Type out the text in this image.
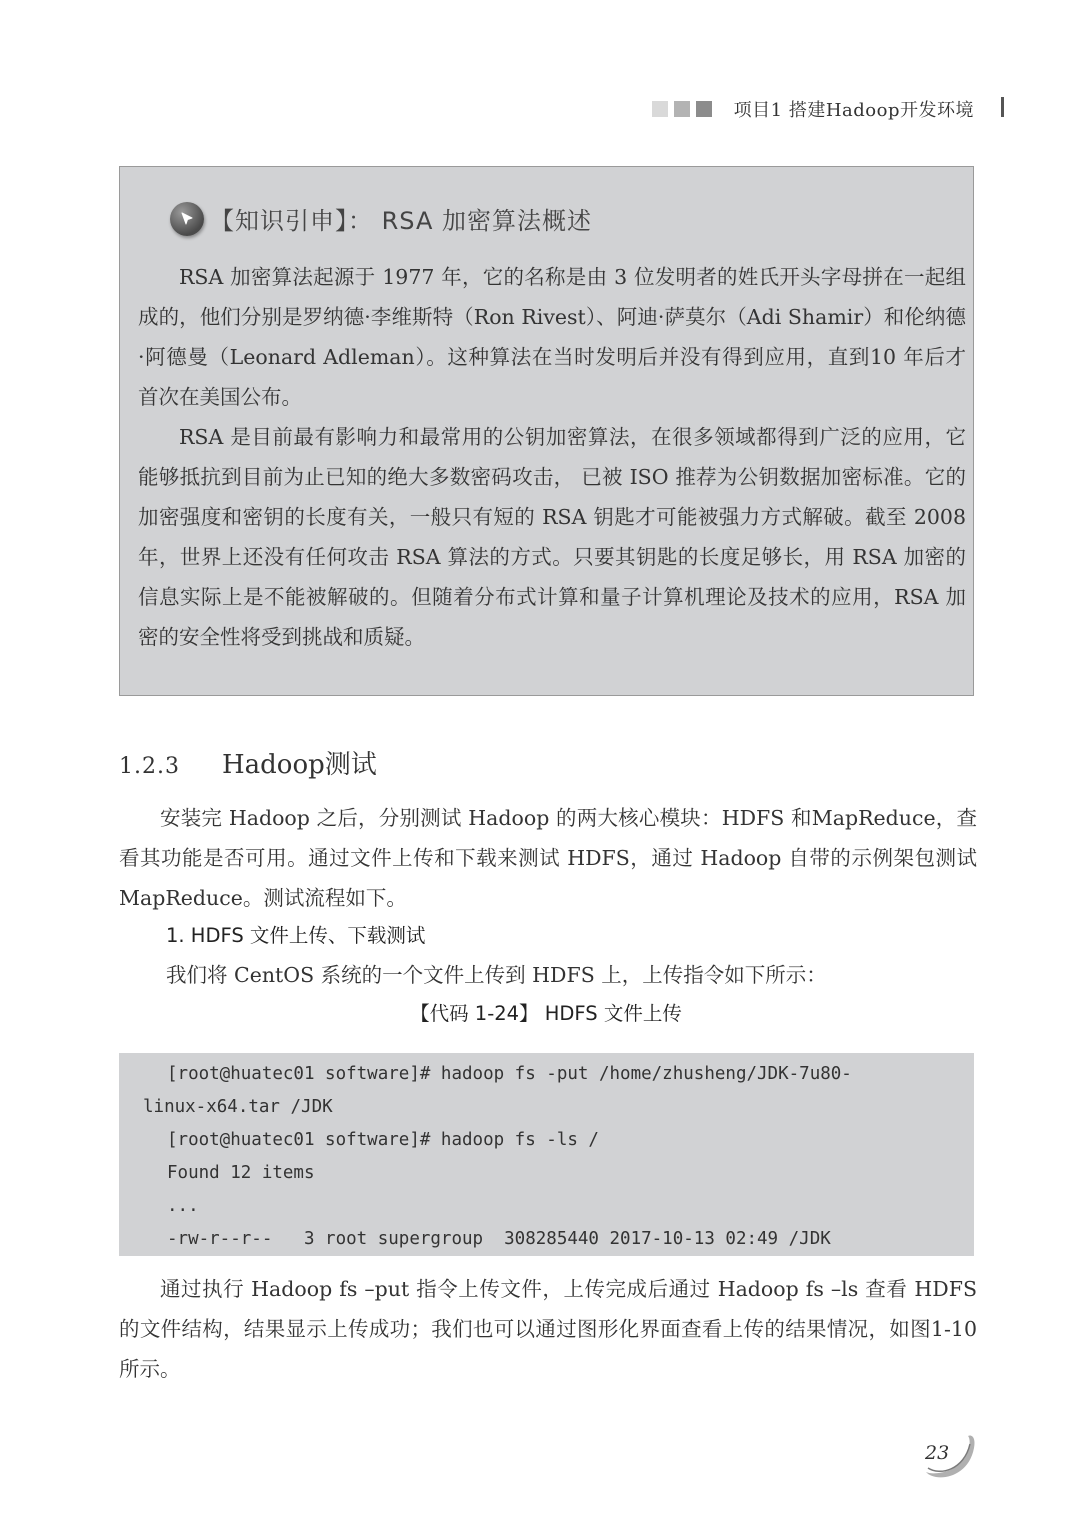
项目1 搭建Hadoop开发环境
【知识引申】： RSA 加密算法概述

RSA 加密算法起源于 1977 年，它的名称是由 3 位发明者的姓氏开头字母拼在一起组成的，他们分别是罗纳德·李维斯特（Ron Rivest）、阿迪·萨莫尔（Adi Shamir）和伦纳德·阿德曼（Leonard Adleman）。这种算法在当时发明后并没有得到应用，直到10 年后才首次在美国公布。

RSA 是目前最有影响力和最常用的公钥加密算法，在很多领域都得到广泛的应用，它能够抵抗到目前为止已知的绝大多数密码攻击， 已被 ISO 推荐为公钥数据加密标准。它的加密强度和密钥的长度有关，一般只有短的 RSA 钥匙才可能被强力方式解破。截至 2008 年，世界上还没有任何攻击 RSA 算法的方式。只要其钥匙的长度足够长，用 RSA 加密的信息实际上是不能被解破的。但随着分布式计算和量子计算机理论及技术的应用，RSA 加密的安全性将受到挑战和质疑。

1.2.3 Hadoop测试

安装完 Hadoop 之后，分别测试 Hadoop 的两大核心模块：HDFS 和MapReduce，查看其功能是否可用。通过文件上传和下载来测试 HDFS，通过 Hadoop 自带的示例架包测试 MapReduce。测试流程如下。

1. HDFS 文件上传、下载测试
我们将 CentOS 系统的一个文件上传到 HDFS 上，上传指令如下所示：
【代码 1-24】 HDFS 文件上传
[root@huatec01 software]# hadoop fs -put /home/zhusheng/JDK-7u80-
linux-x64.tar /JDK
[root@huatec01 software]# hadoop fs -ls /
Found 12 items
...
-rw-r--r--   3 root supergroup  308285440 2017-10-13 02:49 /JDK

通过执行 Hadoop fs –put 指令上传文件，上传完成后通过 Hadoop fs –ls 查看 HDFS 的文件结构，结果显示上传成功；我们也可以通过图形化界面查看上传的结果情况，如图1-10 所示。

23
